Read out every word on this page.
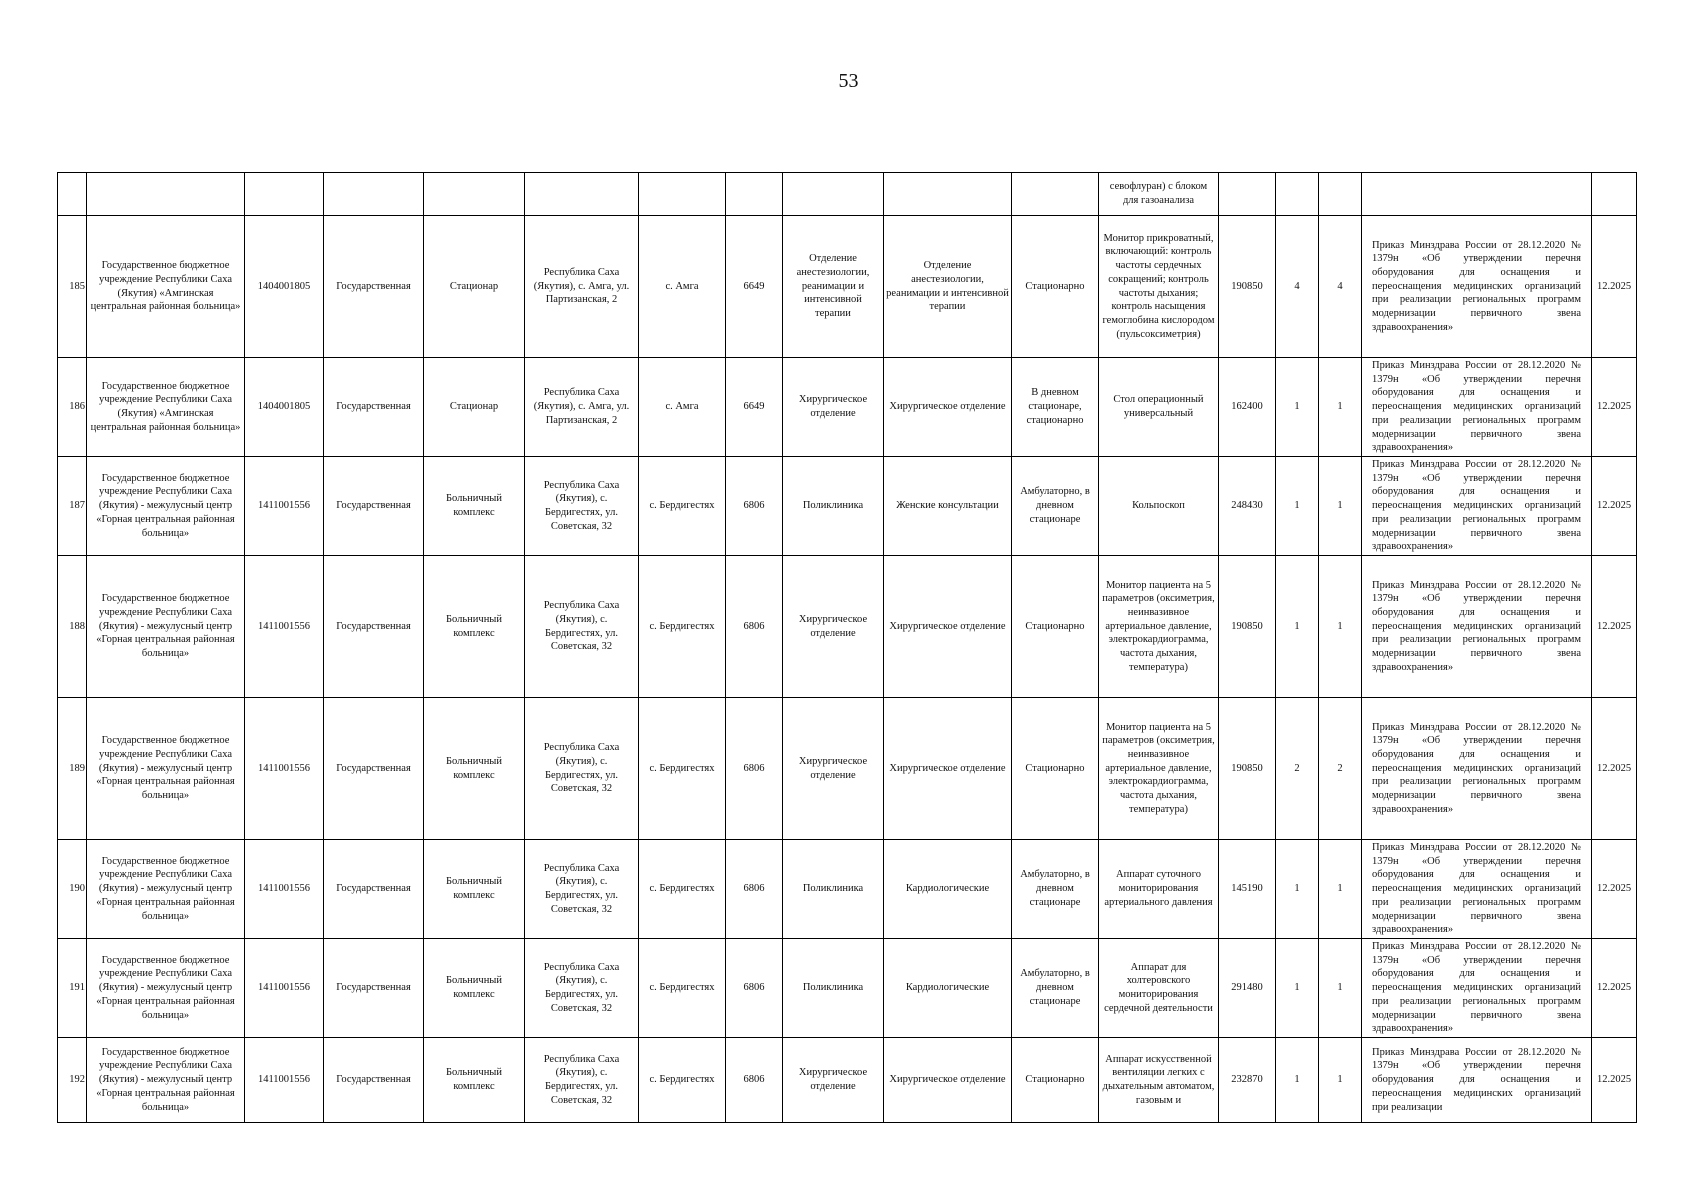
53
											севофлуран) с блоком для газоанализа					
185	Государственное бюджетное учреждение Республики Саха (Якутия) «Амгинская центральная районная больница»	1404001805	Государственная	Стационар	Республика Саха (Якутия), с. Амга, ул. Партизанская, 2	с. Амга	6649	Отделение анестезиологии, реанимации и интенсивной терапии	Отделение анестезиологии, реанимации и интенсивной терапии	Стационарно	Монитор прикроватный, включающий: контроль частоты сердечных сокращений; контроль частоты дыхания; контроль насыщения гемоглобина кислородом (пульсоксиметрия)	190850	4	4	Приказ Минздрава России от 28.12.2020 № 1379н «Об утверждении перечня оборудования для оснащения и переоснащения медицинских организаций при реализации региональных программ модернизации первичного звена здравоохранения»	12.2025
186	Государственное бюджетное учреждение Республики Саха (Якутия) «Амгинская центральная районная больница»	1404001805	Государственная	Стационар	Республика Саха (Якутия), с. Амга, ул. Партизанская, 2	с. Амга	6649	Хирургическое отделение	Хирургическое отделение	В дневном стационаре, стационарно	Стол операционный универсальный	162400	1	1	Приказ Минздрава России от 28.12.2020 № 1379н «Об утверждении перечня оборудования для оснащения и переоснащения медицинских организаций при реализации региональных программ модернизации первичного звена здравоохранения»	12.2025
187	Государственное бюджетное учреждение Республики Саха (Якутия) - межулусный центр «Горная центральная районная больница»	1411001556	Государственная	Больничный комплекс	Республика Саха (Якутия), с. Бердигестях, ул. Советская, 32	с. Бердигестях	6806	Поликлиника	Женские консультации	Амбулаторно, в дневном стационаре	Кольпоскоп	248430	1	1	Приказ Минздрава России от 28.12.2020 № 1379н «Об утверждении перечня оборудования для оснащения и переоснащения медицинских организаций при реализации региональных программ модернизации первичного звена здравоохранения»	12.2025
188	Государственное бюджетное учреждение Республики Саха (Якутия) - межулусный центр «Горная центральная районная больница»	1411001556	Государственная	Больничный комплекс	Республика Саха (Якутия), с. Бердигестях, ул. Советская, 32	с. Бердигестях	6806	Хирургическое отделение	Хирургическое отделение	Стационарно	Монитор пациента на 5 параметров (оксиметрия, неинвазивное артериальное давление, электрокардиограмма, частота дыхания, температура)	190850	1	1	Приказ Минздрава России от 28.12.2020 № 1379н «Об утверждении перечня оборудования для оснащения и переоснащения медицинских организаций при реализации региональных программ модернизации первичного звена здравоохранения»	12.2025
189	Государственное бюджетное учреждение Республики Саха (Якутия) - межулусный центр «Горная центральная районная больница»	1411001556	Государственная	Больничный комплекс	Республика Саха (Якутия), с. Бердигестях, ул. Советская, 32	с. Бердигестях	6806	Хирургическое отделение	Хирургическое отделение	Стационарно	Монитор пациента на 5 параметров (оксиметрия, неинвазивное артериальное давление, электрокардиограмма, частота дыхания, температура)	190850	2	2	Приказ Минздрава России от 28.12.2020 № 1379н «Об утверждении перечня оборудования для оснащения и переоснащения медицинских организаций при реализации региональных программ модернизации первичного звена здравоохранения»	12.2025
190	Государственное бюджетное учреждение Республики Саха (Якутия) - межулусный центр «Горная центральная районная больница»	1411001556	Государственная	Больничный комплекс	Республика Саха (Якутия), с. Бердигестях, ул. Советская, 32	с. Бердигестях	6806	Поликлиника	Кардиологические	Амбулаторно, в дневном стационаре	Аппарат суточного мониторирования артериального давления	145190	1	1	Приказ Минздрава России от 28.12.2020 № 1379н «Об утверждении перечня оборудования для оснащения и переоснащения медицинских организаций при реализации региональных программ модернизации первичного звена здравоохранения»	12.2025
191	Государственное бюджетное учреждение Республики Саха (Якутия) - межулусный центр «Горная центральная районная больница»	1411001556	Государственная	Больничный комплекс	Республика Саха (Якутия), с. Бердигестях, ул. Советская, 32	с. Бердигестях	6806	Поликлиника	Кардиологические	Амбулаторно, в дневном стационаре	Аппарат для холтеровского мониторирования сердечной деятельности	291480	1	1	Приказ Минздрава России от 28.12.2020 № 1379н «Об утверждении перечня оборудования для оснащения и переоснащения медицинских организаций при реализации региональных программ модернизации первичного звена здравоохранения»	12.2025
192	Государственное бюджетное учреждение Республики Саха (Якутия) - межулусный центр «Горная центральная районная больница»	1411001556	Государственная	Больничный комплекс	Республика Саха (Якутия), с. Бердигестях, ул. Советская, 32	с. Бердигестях	6806	Хирургическое отделение	Хирургическое отделение	Стационарно	Аппарат искусственной вентиляции легких с дыхательным автоматом, газовым и	232870	1	1	Приказ Минздрава России от 28.12.2020 № 1379н «Об утверждении перечня оборудования для оснащения и переоснащения медицинских организаций при реализации	12.2025
